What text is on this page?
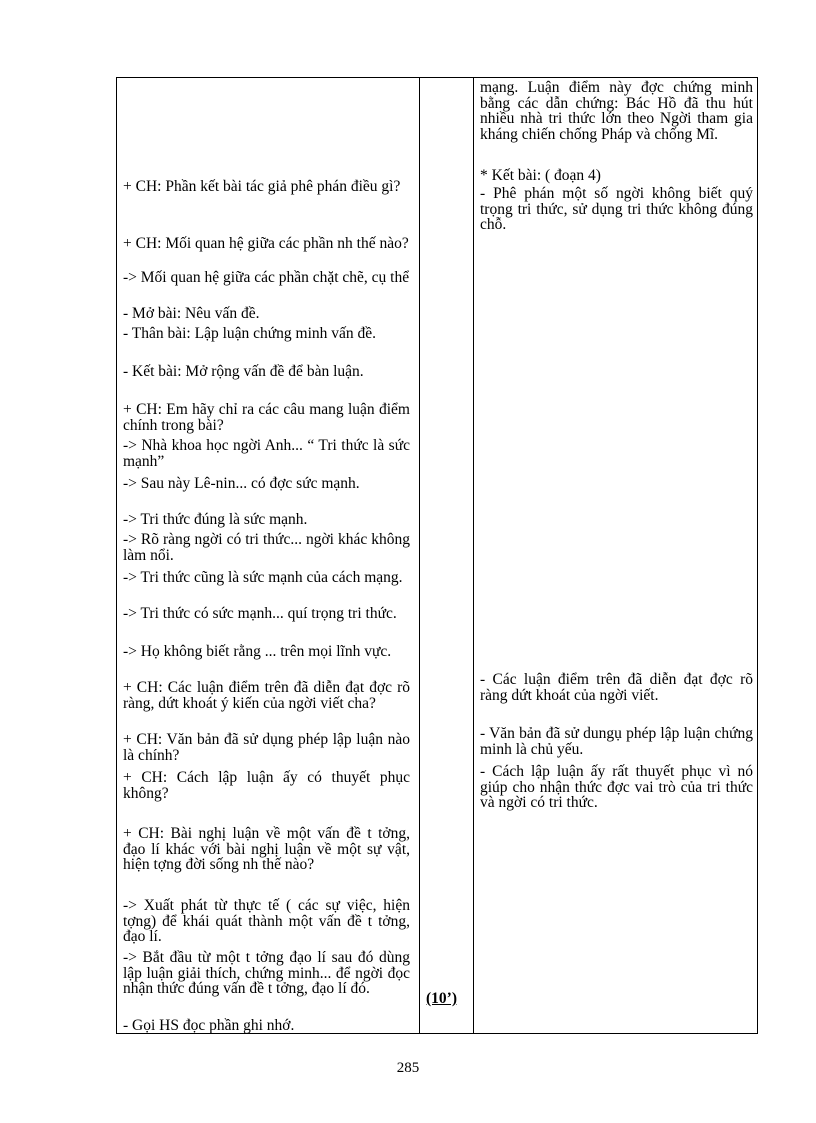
+ CH: Phần kết bài tác giả phê phán điều gì?

+ CH: Mối quan hệ giữa các phần nh thế nào?

-> Mối quan hệ giữa các phần chặt chẽ, cụ thể

- Mở bài: Nêu vấn đề.

- Thân bài: Lập luận chứng minh vấn đề.

- Kết bài: Mở rộng vấn đề để bàn luận.

+ CH: Em hãy chỉ ra các câu mang luận điểm chính trong bài?

-> Nhà khoa học ngời Anh... “ Tri thức là sức mạnh”

-> Sau này Lê-nin... có đợc sức mạnh.

-> Tri thức đúng là sức mạnh.

-> Rõ ràng ngời có tri thức... ngời khác không làm nổi.

-> Tri thức cũng là sức mạnh của cách mạng.

-> Tri thức có sức mạnh... quí trọng tri thức.

-> Họ không biết rằng ... trên mọi lĩnh vực.

+ CH: Các luận điểm trên đã diễn đạt đợc rõ ràng, dứt khoát ý kiến của ngời viết cha?

+ CH: Văn bản đã sử dụng phép lập luận nào là chính?

+ CH: Cách lập luận ấy có thuyết phục không?

+ CH: Bài nghị luận về một vấn đề t tởng, đạo lí khác với bài nghị luận về một sự vật, hiện tợng đời sống nh thế nào?

-> Xuất phát từ thực tế ( các sự việc, hiện tợng) để khái quát thành một vấn đề t tởng, đạo lí.

-> Bắt đầu từ một t tởng đạo lí sau đó dùng lập luận giải thích, chứng minh... để ngời đọc nhận thức đúng vấn đề t tởng, đạo lí đó.

- Gọi HS đọc phần ghi nhớ.

(10’)

mạng. Luận điểm này đợc chứng minh bằng các dẫn chứng: Bác Hồ đã thu hút nhiều nhà tri thức lớn theo Ngời tham gia kháng chiến chống Pháp và chống Mĩ.

* Kết bài: ( đoạn 4)

- Phê phán một số ngời không biết quý trọng tri thức, sử dụng tri thức không đúng chỗ.

- Các luận điểm trên đã diễn đạt đợc rõ ràng dứt khoát của ngời viết.

- Văn bản đã sử dungụ phép lập luận chứng minh là chủ yếu.

- Cách lập luận ấy rất thuyết phục vì nó giúp cho nhận thức đợc vai trò của tri thức và ngời có tri thức.

285
